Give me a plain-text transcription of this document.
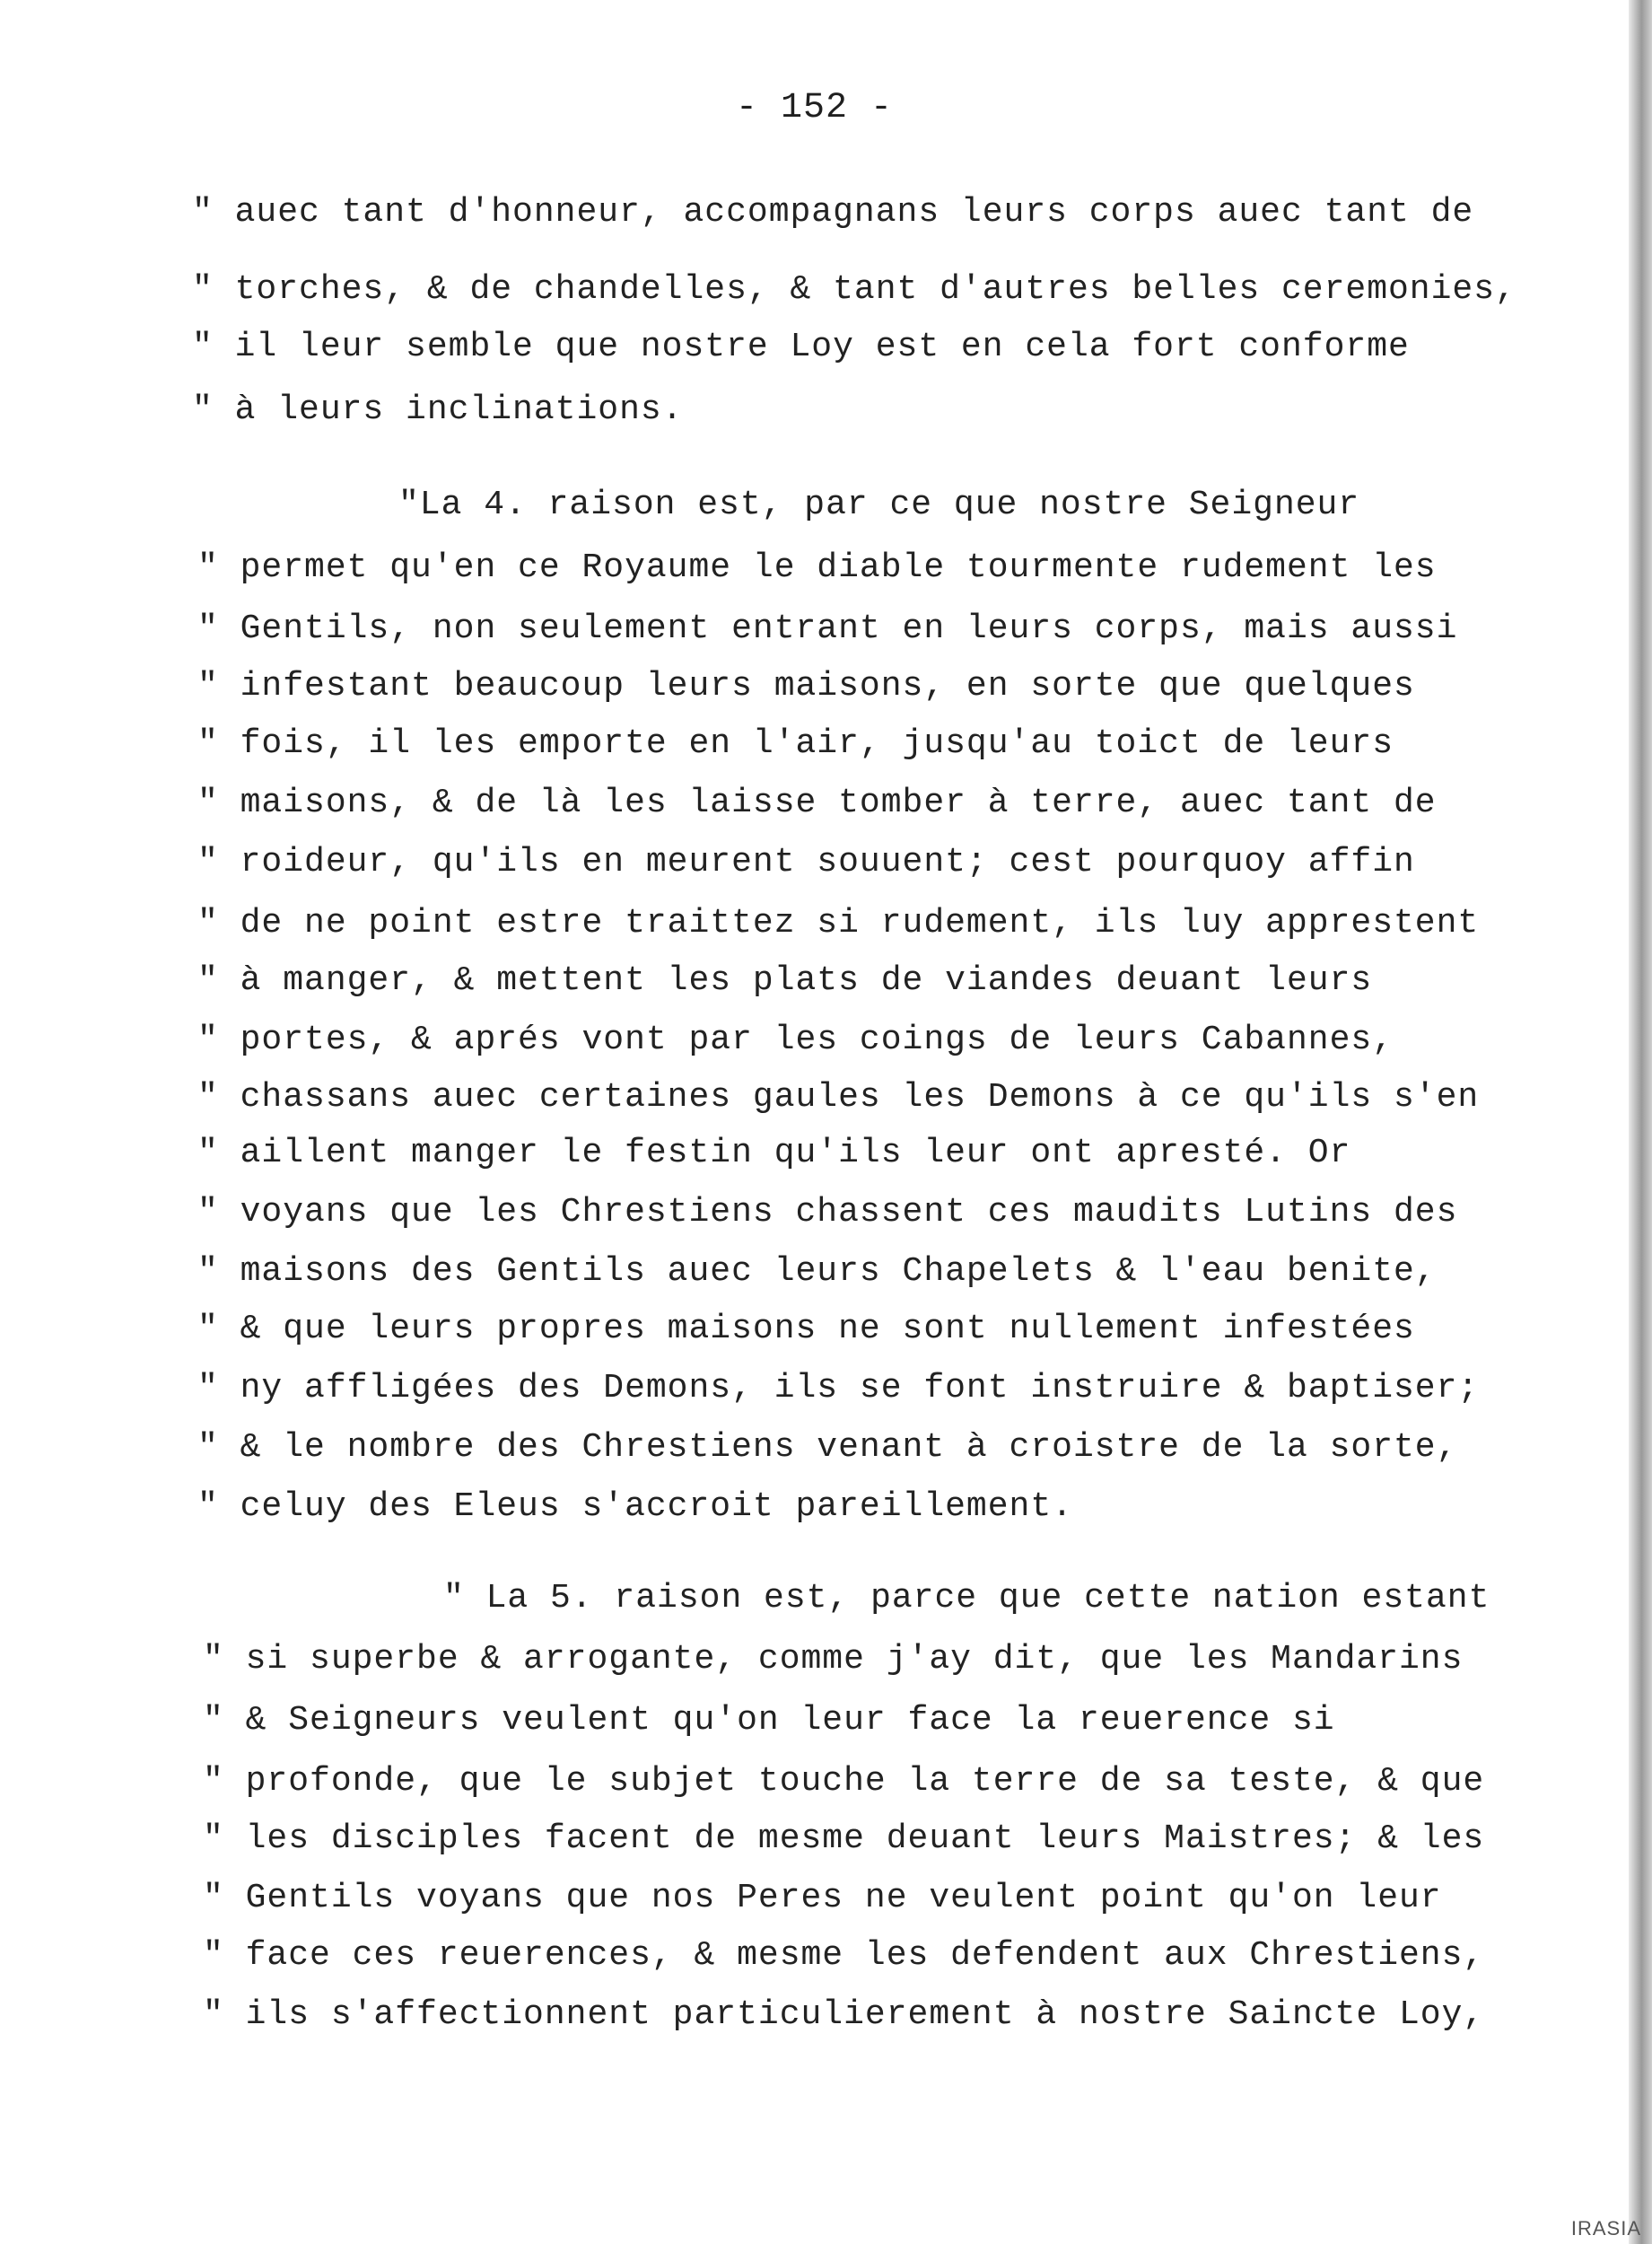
- 152 -
" auec tant d'honneur, accompagnans leurs corps auec tant de
" torches, & de chandelles, & tant d'autres belles ceremonies,
" il leur semble que nostre Loy est en cela fort conforme
" à leurs inclinations.
"La 4. raison est, par ce que nostre Seigneur
" permet qu'en ce Royaume le diable tourmente rudement les
" Gentils, non seulement entrant en leurs corps, mais aussi
" infestant beaucoup leurs maisons, en sorte que quelques
" fois, il les emporte en l'air, jusqu'au toict de leurs
" maisons, & de là les laisse tomber à terre, auec tant de
" roideur, qu'ils en meurent souuent; cest pourquoy affin
" de ne point estre traittez si rudement, ils luy apprestent
" à manger, & mettent les plats de viandes deuant leurs
" portes, & aprés vont par les coings de leurs Cabannes,
" chassans auec certaines gaules les Demons à ce qu'ils s'en
" aillent manger le festin qu'ils leur ont apresté. Or
" voyans que les Chrestiens chassent ces maudits Lutins des
" maisons des Gentils auec leurs Chapelets & l'eau benite,
" & que leurs propres maisons ne sont nullement infestées
" ny affligées des Demons, ils se font instruire & baptiser;
" & le nombre des Chrestiens venant à croistre de la sorte,
" celuy des Eleus s'accroit pareillement.
" La 5. raison est, parce que cette nation estant
" si superbe & arrogante, comme j'ay dit, que les Mandarins
" & Seigneurs veulent qu'on leur face la reuerence si
" profonde, que le subjet touche la terre de sa teste, & que
" les disciples facent de mesme deuant leurs Maistres; & les
" Gentils voyans que nos Peres ne veulent point qu'on leur
" face ces reuerences, & mesme les defendent aux Chrestiens,
" ils s'affectionnent particulierement à nostre Saincte Loy,
IRASIA
